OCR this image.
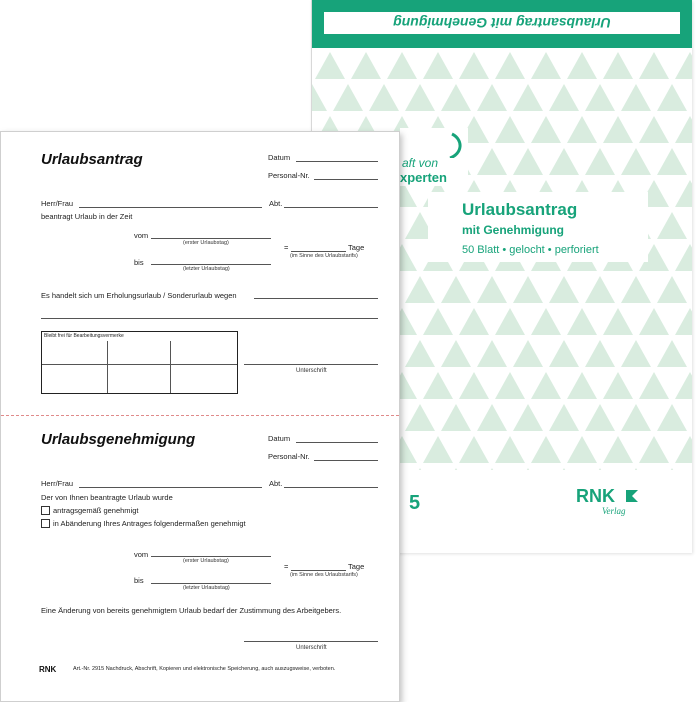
Urlaubsantrag mit Genehmigung
aft von
xperten
Urlaubsantrag
mit Genehmigung
50 Blatt • gelocht • perforiert
5	RNK
Verlag
Urlaubsantrag	Datum
Personal-Nr.
Herr/Frau	Abt.
beantragt Urlaub in der Zeit
vom
(erster Urlaubstag)	=	Tage
(im Sinne des Urlaubstarifs)
bis
(letzter Urlaubstag)
Es handelt sich um Erholungsurlaub / Sonderurlaub wegen
Bleibt frei für Bearbeitungsvermerke
Unterschrift
Urlaubsgenehmigung	Datum
Personal-Nr.
Herr/Frau	Abt.
Der von Ihnen beantragte Urlaub wurde
antragsgemäß genehmigt
in Abänderung Ihres Antrages folgendermaßen genehmigt
vom
(erster Urlaubstag)
=	Tage
(im Sinne des Urlaubstarifs)
bis
(letzter Urlaubstag)
Eine Änderung von bereits genehmigtem Urlaub bedarf der Zustimmung des Arbeitgebers.
Unterschrift
RNK	Art.-Nr. 2915 Nachdruck, Abschrift, Kopieren und elektronische Speicherung, auch auszugsweise, verboten.
